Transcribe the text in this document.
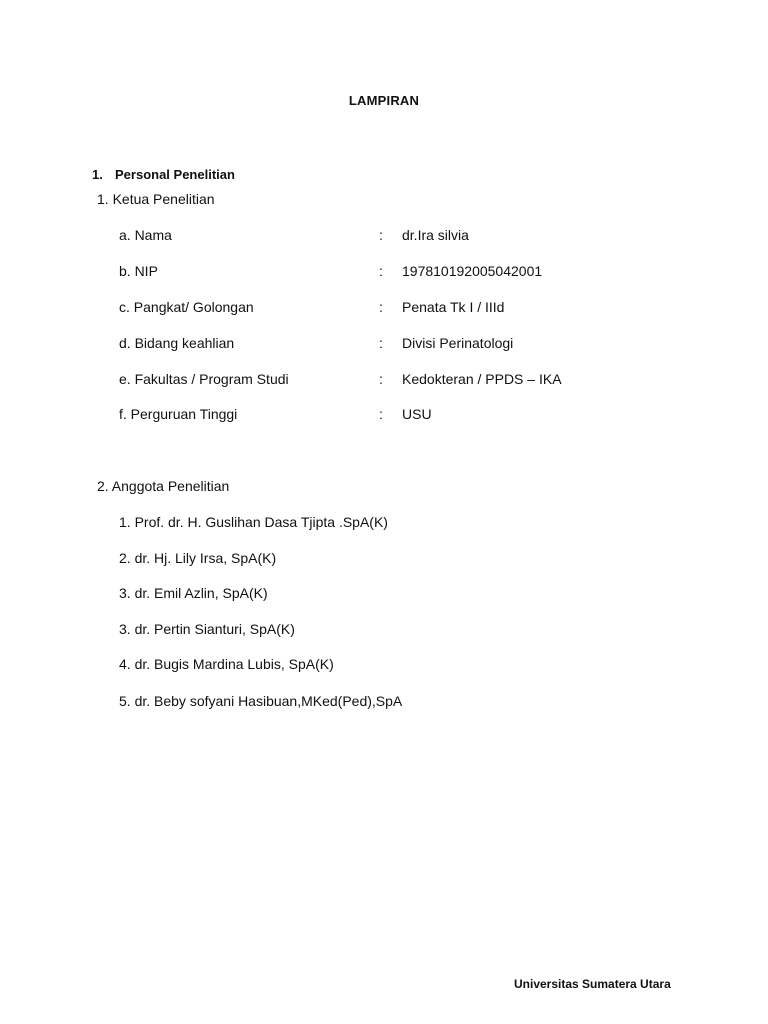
LAMPIRAN
1. Personal Penelitian
1. Ketua Penelitian
a. Nama	: dr.Ira silvia
b. NIP	: 197810192005042001
c. Pangkat/ Golongan	: Penata Tk I / IIId
d. Bidang keahlian	: Divisi Perinatologi
e. Fakultas / Program Studi	: Kedokteran / PPDS – IKA
f. Perguruan Tinggi	: USU
2. Anggota Penelitian
1. Prof. dr. H. Guslihan Dasa Tjipta .SpA(K)
2. dr. Hj. Lily Irsa, SpA(K)
3. dr. Emil Azlin, SpA(K)
3. dr. Pertin Sianturi, SpA(K)
4. dr. Bugis Mardina Lubis, SpA(K)
5. dr. Beby sofyani Hasibuan,MKed(Ped),SpA
Universitas Sumatera Utara
